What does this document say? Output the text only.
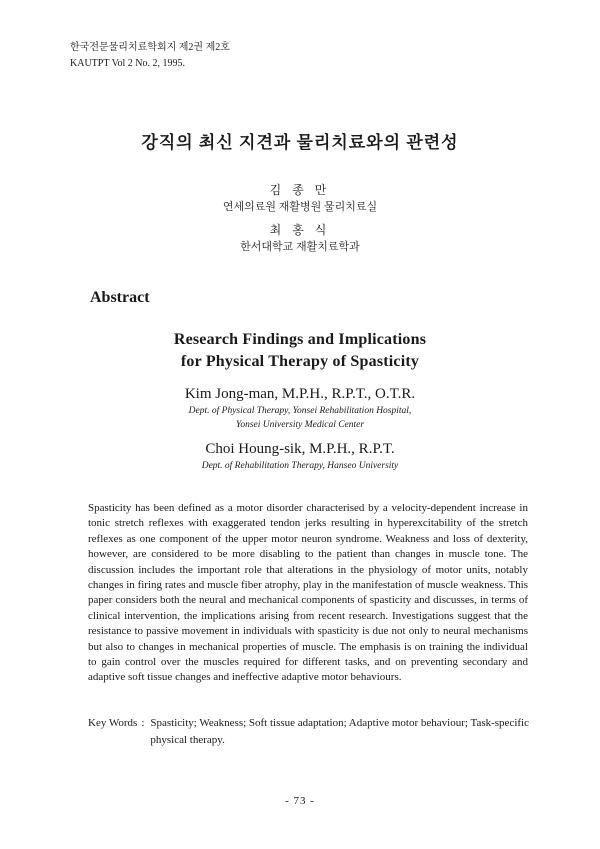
한국전문물리치료학회지 제2권 제2호
KAUTPT Vol 2 No. 2, 1995.
강직의 최신 지견과 물리치료와의 관련성
김 종 만
연세의료원 재활병원 물리치료실
최 홍 식
한서대학교 재활치료학과
Abstract
Research Findings and Implications
for Physical Therapy of Spasticity
Kim Jong-man, M.P.H., R.P.T., O.T.R.
Dept. of Physical Therapy, Yonsei Rehabilitation Hospital,
Yonsei University Medical Center
Choi Houng-sik, M.P.H., R.P.T.
Dept. of Rehabilitation Therapy, Hanseo University
Spasticity has been defined as a motor disorder characterised by a velocity-dependent increase in tonic stretch reflexes with exaggerated tendon jerks resulting in hyperexcitability of the stretch reflexes as one component of the upper motor neuron syndrome. Weakness and loss of dexterity, however, are considered to be more disabling to the patient than changes in muscle tone. The discussion includes the important role that alterations in the physiology of motor units, notably changes in firing rates and muscle fiber atrophy, play in the manifestation of muscle weakness. This paper considers both the neural and mechanical components of spasticity and discusses, in terms of clinical intervention, the implications arising from recent research. Investigations suggest that the resistance to passive movement in individuals with spasticity is due not only to neural mechanisms but also to changes in mechanical properties of muscle. The emphasis is on training the individual to gain control over the muscles required for different tasks, and on preventing secondary and adaptive soft tissue changes and ineffective adaptive motor behaviours.
Key Words : Spasticity; Weakness; Soft tissue adaptation; Adaptive motor behaviour; Task-specific physical therapy.
- 73 -
